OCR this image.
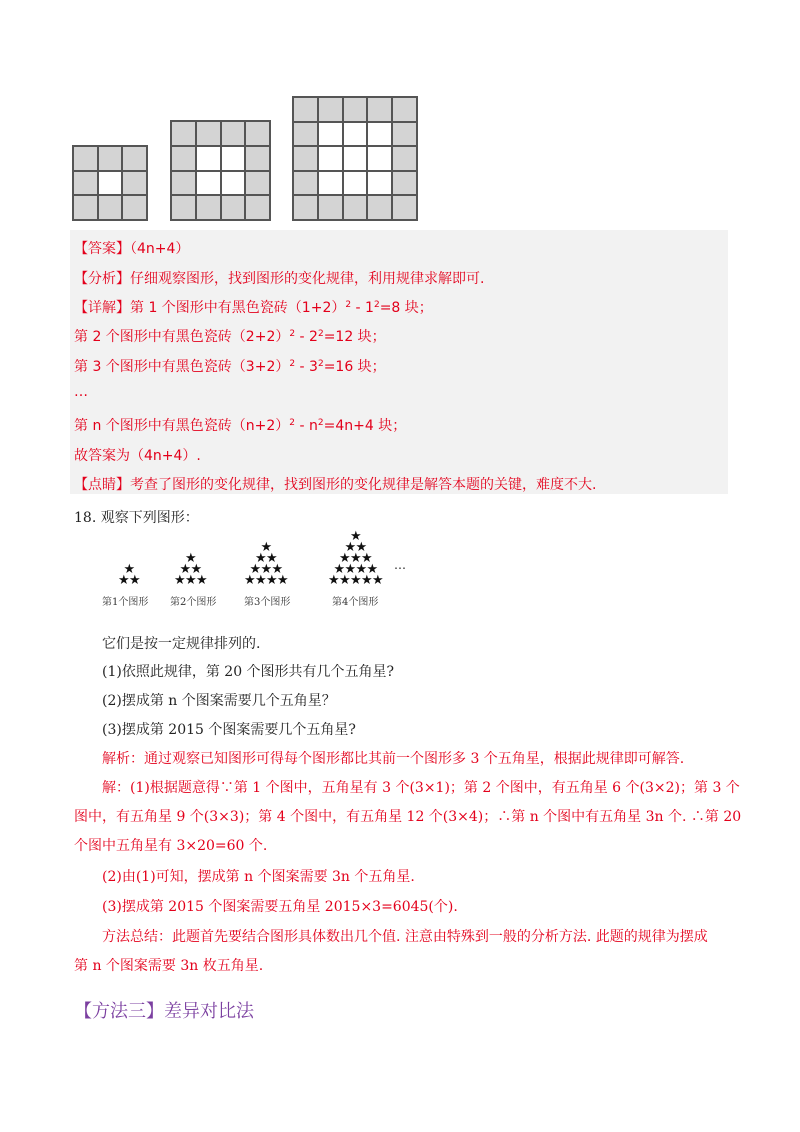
【答案】（4n+4）
【分析】仔细观察图形，找到图形的变化规律，利用规律求解即可.
【详解】第 1 个图形中有黑色瓷砖$(1+2)^2 - 1^2=8$ 块；
第 2 个图形中有黑色瓷砖$(2+2)^2 - 2^2=12$ 块；
第 3 个图形中有黑色瓷砖$(3+2)^2 - 3^2=16$ 块；
…
第 n 个图形中有黑色瓷砖$(n+2)^2 - n^2=4n+4$ 块；
故答案为（4n+4）.
【点睛】考查了图形的变化规律，找到图形的变化规律是解答本题的关键，难度不大.
18. 观察下列图形：
第1个图形 第2个图形	第3个图形	第4个图形
…
★
★ ★
★
★ ★
★ ★ ★
★
★ ★
★ ★ ★
★ ★ ★ ★
★
★ ★
★ ★ ★
★ ★ ★ ★
★ ★ ★ ★ ★
它们是按一定规律排列的.
(1)依照此规律，第 20 个图形共有几个五角星?
(2)摆成第 n 个图案需要几个五角星？
(3)摆成第 2015 个图案需要几个五角星?
解析：通过观察已知图形可得每个图形都比其前一个图形多 3 个五角星，根据此规律即可解答.
解：(1)根据题意得∵第 1 个图中，五角星有 3 个(3×1)；第 2 个图中，有五角星 6 个(3×2)；第 3 个
图中，有五角星 9 个(3×3)；第 4 个图中，有五角星 12 个(3×4)；∴第 n 个图中有五角星 3n 个. ∴第 20
个图中五角星有 3×20=60 个.
(2)由(1)可知，摆成第 n 个图案需要 3n 个五角星.
(3)摆成第 2015 个图案需要五角星 2015×3=6045(个).
方法总结：此题首先要结合图形具体数出几个值. 注意由特殊到一般的分析方法. 此题的规律为摆成
第 n 个图案需要 3n 枚五角星.
【方法三】差异对比法
